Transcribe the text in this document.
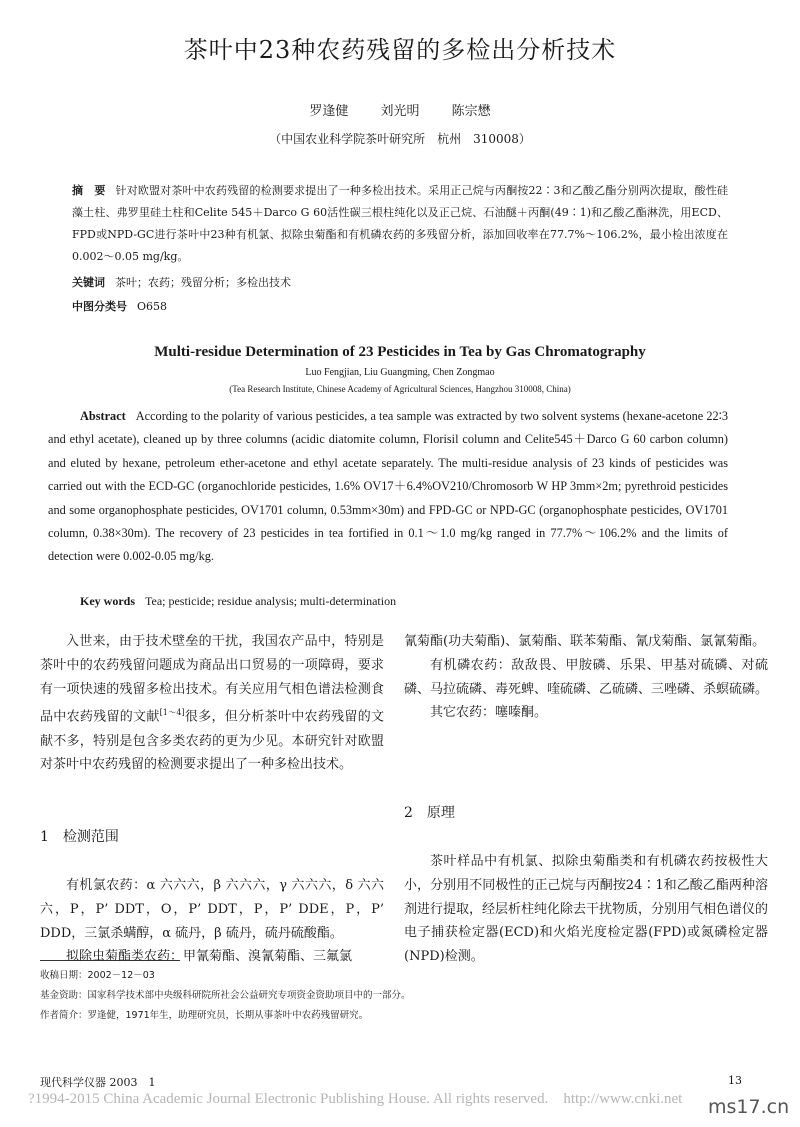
茶叶中23种农药残留的多检出分析技术
罗逢健 刘光明 陈宗懋
（中国农业科学院茶叶研究所　杭州　310008）
摘　要 针对欧盟对茶叶中农药残留的检测要求提出了一种多检出技术。采用正己烷与丙酮按22∶3和乙酸乙酯分别两次提取，酸性硅藻土柱、弗罗里硅土柱和Celite 545＋Darco G 60活性碳三根柱纯化以及正己烷、石油醚＋丙酮(49∶1)和乙酸乙酯淋洗，用ECD、FPD或NPD-GC进行茶叶中23种有机氯、拟除虫菊酯和有机磷农药的多残留分析，添加回收率在77.7%～106.2%，最小检出浓度在0.002～0.05 mg/kg。
关键词 茶叶；农药；残留分析；多检出技术
中图分类号 O658
Multi-residue Determination of 23 Pesticides in Tea by Gas Chromatography
Luo Fengjian, Liu Guangming, Chen Zongmao
(Tea Research Institute, Chinese Academy of Agricultural Sciences, Hangzhou 310008, China)
Abstract According to the polarity of various pesticides, a tea sample was extracted by two solvent systems (hexane-acetone 22∶3 and ethyl acetate), cleaned up by three columns (acidic diatomite column, Florisil column and Celite545＋Darco G 60 carbon column) and eluted by hexane, petroleum ether-acetone and ethyl acetate separately. The multi-residue analysis of 23 kinds of pesticides was carried out with the ECD-GC (organochloride pesticides, 1.6% OV17＋6.4%OV210/Chromosorb W HP 3mm×2m; pyrethroid pesticides and some organophosphate pesticides, OV1701 column, 0.53mm×30m) and FPD-GC or NPD-GC (organophosphate pesticides, OV1701 column, 0.38×30m). The recovery of 23 pesticides in tea fortified in 0.1～1.0 mg/kg ranged in 77.7%～106.2% and the limits of detection were 0.002-0.05 mg/kg.
Key words Tea; pesticide; residue analysis; multi-determination

入世来，由于技术壁垒的干扰，我国农产品中，特别是茶叶中的农药残留问题成为商品出口贸易的一项障碍，要求有一项快速的残留多检出技术。有关应用气相色谱法检测食品中农药残留的文献[1～4]很多，但分析茶叶中农药残留的文献不多，特别是包含多类农药的更为少见。本研究针对欧盟对茶叶中农药残留的检测要求提出了一种多检出技术。

1　检测范围

有机氯农药：α 六六六，β 六六六，γ 六六六，δ 六六六，P，P’ DDT，O，P’ DDT，P，P’ DDE，P，P’ DDD，三氯杀螨醇，α 硫丹，β 硫丹，硫丹硫酸酯。

拟除虫菊酯类农药：甲氰菊酯、溴氰菊酯、三氟氯

氰菊酯(功夫菊酯)、氯菊酯、联苯菊酯、氰戊菊酯、氯氰菊酯。

有机磷农药：敌敌畏、甲胺磷、乐果、甲基对硫磷、对硫磷、马拉硫磷、毒死蜱、喹硫磷、乙硫磷、三唑磷、杀螟硫磷。

其它农药：噻嗪酮。

2　原理

茶叶样品中有机氯、拟除虫菊酯类和有机磷农药按极性大小，分别用不同极性的正己烷与丙酮按24∶1和乙酸乙酯两种溶剂进行提取，经层析柱纯化除去干扰物质，分别用气相色谱仪的电子捕获检定器(ECD)和火焰光度检定器(FPD)或氮磷检定器(NPD)检测。

收稿日期：2002－12－03
基金资助：国家科学技术部中央级科研院所社会公益研究专项资金资助项目中的一部分。
作者简介：罗逢健，1971年生，助理研究员，长期从事茶叶中农药残留研究。
现代科学仪器 2003　1	13
?1994-2015 China Academic Journal Electronic Publishing House. All rights reserved.　http://www.cnki.net	ms17.cn
